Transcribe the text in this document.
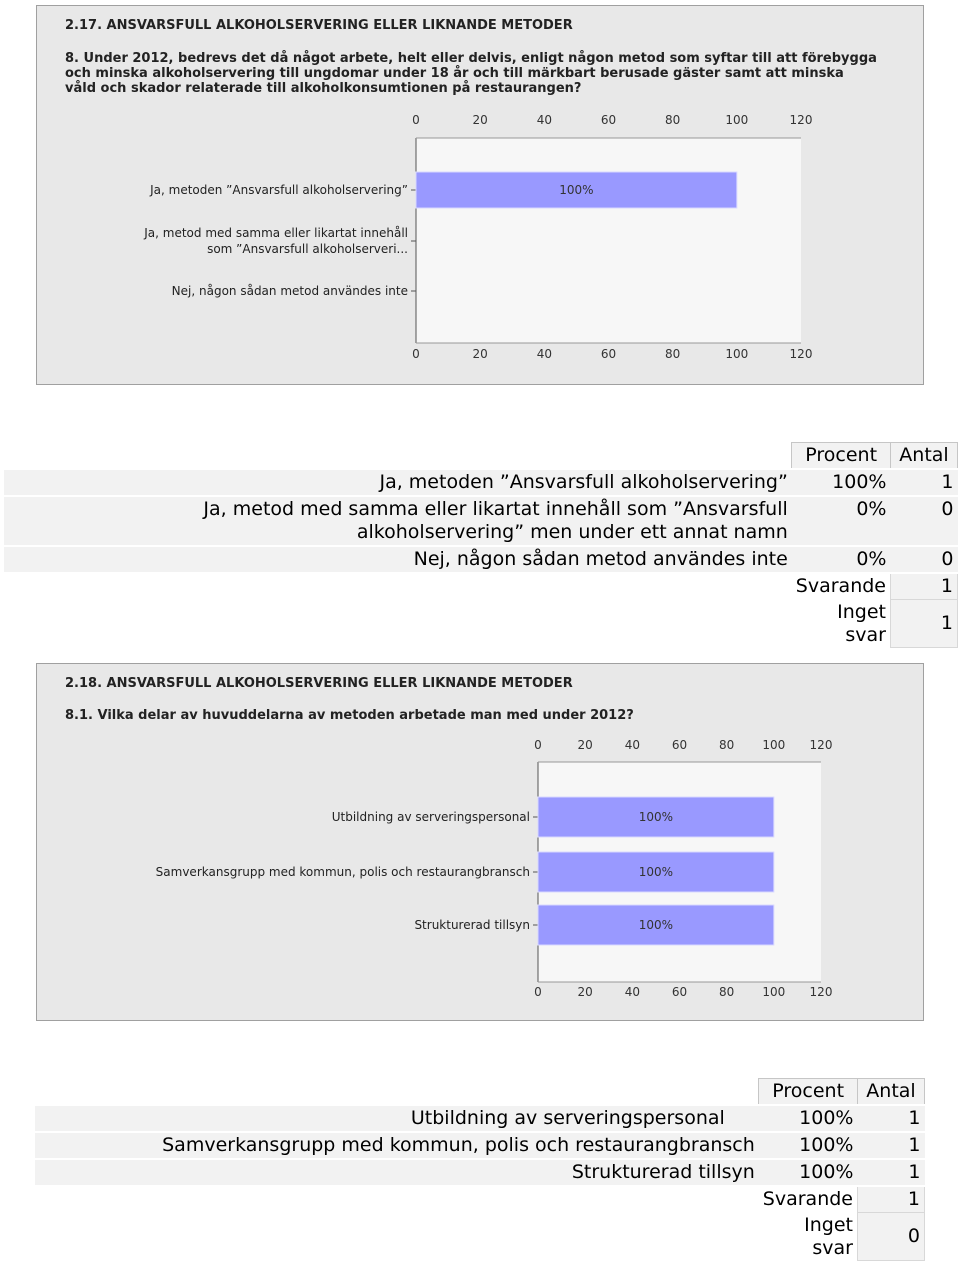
2.17. ANSVARSFULL ALKOHOLSERVERING ELLER LIKNANDE METODER
8. Under 2012, bedrevs det då något arbete, helt eller delvis, enligt någon metod som syftar till att förebygga
och minska alkoholservering till ungdomar under 18 år och till märkbart berusade gäster samt att minska
våld och skador relaterade till alkoholkonsumtionen på restaurangen?
0
0
20
20
40
40
60
60
80
80
100
100
120
120
Ja, metoden ”Ansvarsfull alkoholservering”	100%
Ja, metod med samma eller likartat innehåll
som ”Ansvarsfull alkoholserveri...
Nej, någon sådan metod användes inte
	Procent	Antal
Ja, metoden ”Ansvarsfull alkoholservering”	100%	1

Ja, metod med samma eller likartat innehåll som ”Ansvarsfull
alkoholservering” men under ett annat namn	0%	0
Nej, någon sådan metod användes inte	0%	0
	Svarande	1
	Inget svar	1
2.18. ANSVARSFULL ALKOHOLSERVERING ELLER LIKNANDE METODER
8.1. Vilka delar av huvuddelarna av metoden arbetade man med under 2012?
0
0
20
20
40
40
60
60
80
80
100
100
120
120
Utbildning av serveringspersonal	100%
Samverkansgrupp med kommun, polis och restaurangbransch	100%
Strukturerad tillsyn	100%
	Procent	Antal
Utbildning av serveringspersonal	100%	1
Samverkansgrupp med kommun, polis och restaurangbransch	100%	1
Strukturerad tillsyn	100%	1
	Svarande	1
	Inget svar	0
